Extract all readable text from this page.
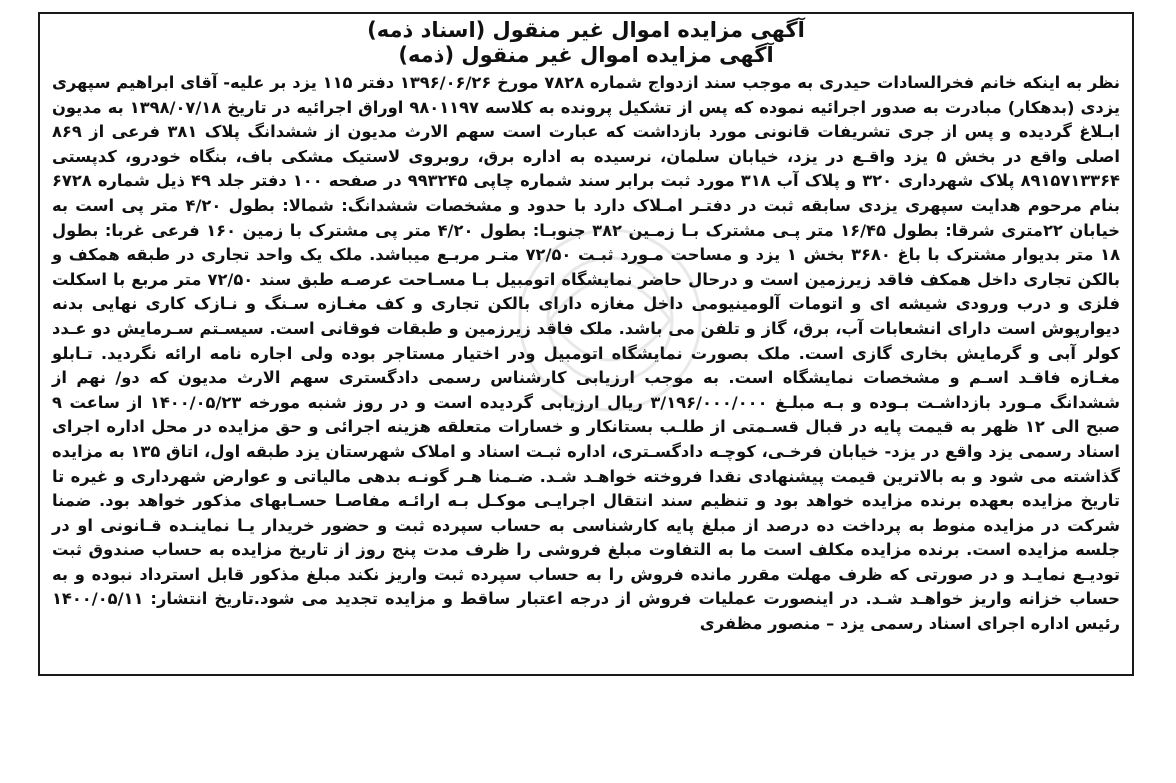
آگهی مزایده اموال غیر منقول (اسناد ذمه)

آگهی مزایده اموال غیر منقول (ذمه)

نظر به اینکه خانم فخرالسادات حیدری به موجب سند ازدواج شماره ۷۸۲۸ مورخ ۱۳۹۶/۰۶/۲۶ دفتر ۱۱۵ یزد بر علیه- آقای ابراهیم سپهری یزدی (بدهکار) مبادرت به صدور اجرائیه نموده که پس از تشکیل پرونده به کلاسه ۹۸۰۱۱۹۷ اوراق اجرائیه در تاریخ ۱۳۹۸/۰۷/۱۸ به مدیون ابـلاغ گردیده و پس از جری تشریفات قانونی مورد بازداشت که عبارت است سهم الارث مدیون از ششدانگ پلاک ۳۸۱ فرعی از ۸۶۹ اصلی واقع در بخش ۵ یزد واقـع در یزد، خیابان سلمان، نرسیده به اداره برق، روبروی لاستیک مشکی باف، بنگاه خودرو، کدپستی ۸۹۱۵۷۱۳۳۶۴ پلاک شهرداری ۳۲۰ و پلاک آب ۳۱۸ مورد ثبت برابر سند شماره چاپی ۹۹۳۲۴۵ در صفحه ۱۰۰ دفتر جلد ۴۹ ذیل شماره ۶۷۲۸ بنام مرحوم هدایت سپهری یزدی سابقه ثبت در دفتـر امـلاک دارد با حدود و مشخصات ششدانگ: شمالا: بطول ۴/۲۰ متر پی است به خیابان ۲۲متری شرقا: بطول ۱۶/۴۵ متر پـی مشترک بـا زمـین ۳۸۲ جنوبـا: بطول ۴/۲۰ متر پی مشترک با زمین ۱۶۰ فرعی غربا: بطول ۱۸ متر بدیوار مشترک با باغ ۳۶۸۰ بخش ۱ یزد و مساحت مـورد ثبـت ۷۲/۵۰ متـر مربـع میباشد. ملک یک واحد تجاری در طبقه همکف و بالکن تجاری داخل همکف فاقد زیرزمین است و درحال حاضر نمایشگاه اتومبیل بـا مسـاحت عرصـه طبق سند ۷۲/۵۰ متر مربع با اسکلت فلزی و درب ورودی شیشه ای و اتومات آلومینیومی داخل مغازه دارای بالکن تجاری و کف مغـازه سـنگ و نـازک کاری نهایی بدنه دیوارپوش است دارای انشعابات آب، برق، گاز و تلفن می باشد. ملک فاقد زیرزمین و طبقات فوقانی است. سیسـتم سـرمایش دو عـدد کولر آبی و گرمایش بخاری گازی است. ملک بصورت نمایشگاه اتومبیل ودر اختیار مستاجر بوده ولی اجاره نامه ارائه نگردید. تـابلو مغـازه فاقـد اسـم و مشخصات نمایشگاه است. به موجب ارزیابی کارشناس رسمی دادگستری سهم الارث مدیون که دو/ نهم از ششدانگ مـورد بازداشـت بـوده و بـه مبلـغ ۳/۱۹۶/۰۰۰/۰۰۰ ریال ارزیابی گردیده است و در روز شنبه مورخه ۱۴۰۰/۰۵/۲۳ از ساعت ۹ صبح الی ۱۲ ظهر به قیمت پایه در قبال قسـمتی از طلـب بستانکار و خسارات متعلقه هزینه اجرائی و حق مزایده در محل اداره اجرای اسناد رسمی یزد واقع در یزد- خیابان فرخـی، کوچـه دادگسـتری، اداره ثبـت اسناد و املاک شهرستان یزد طبقه اول، اتاق ۱۳۵ به مزایده گذاشته می شود و به بالاترین قیمت پیشنهادی نقدا فروخته خواهـد شـد. ضـمنا هـر گونـه بدهی مالیاتی و عوارض شهرداری و غیره تا تاریخ مزایده بعهده برنده مزایده خواهد بود و تنظیم سند انتقال اجرایـی موکـل بـه ارائـه مفاصـا حسـابهای مذکور خواهد بود. ضمنا شرکت در مزایده منوط به پرداخت ده درصد از مبلغ پایه کارشناسی به حساب سپرده ثبت و حضور خریدار یـا نماینـده قـانونی او در جلسه مزایده است. برنده مزایده مکلف است ما به التفاوت مبلغ فروشی را ظرف مدت پنج روز از تاریخ مزایده به حساب صندوق ثبت تودیـع نمایـد و در صورتی که ظرف مهلت مقرر مانده فروش را به حساب سپرده ثبت واریز نکند مبلغ مذکور قابل استرداد نبوده و به حساب خزانه واریز خواهـد شـد. در اینصورت عملیات فروش از درجه اعتبار ساقط و مزایده تجدید می شود.تاریخ انتشار: ۱۴۰۰/۰۵/۱۱ رئیس اداره اجرای اسناد رسمی یزد – منصور مظفری
